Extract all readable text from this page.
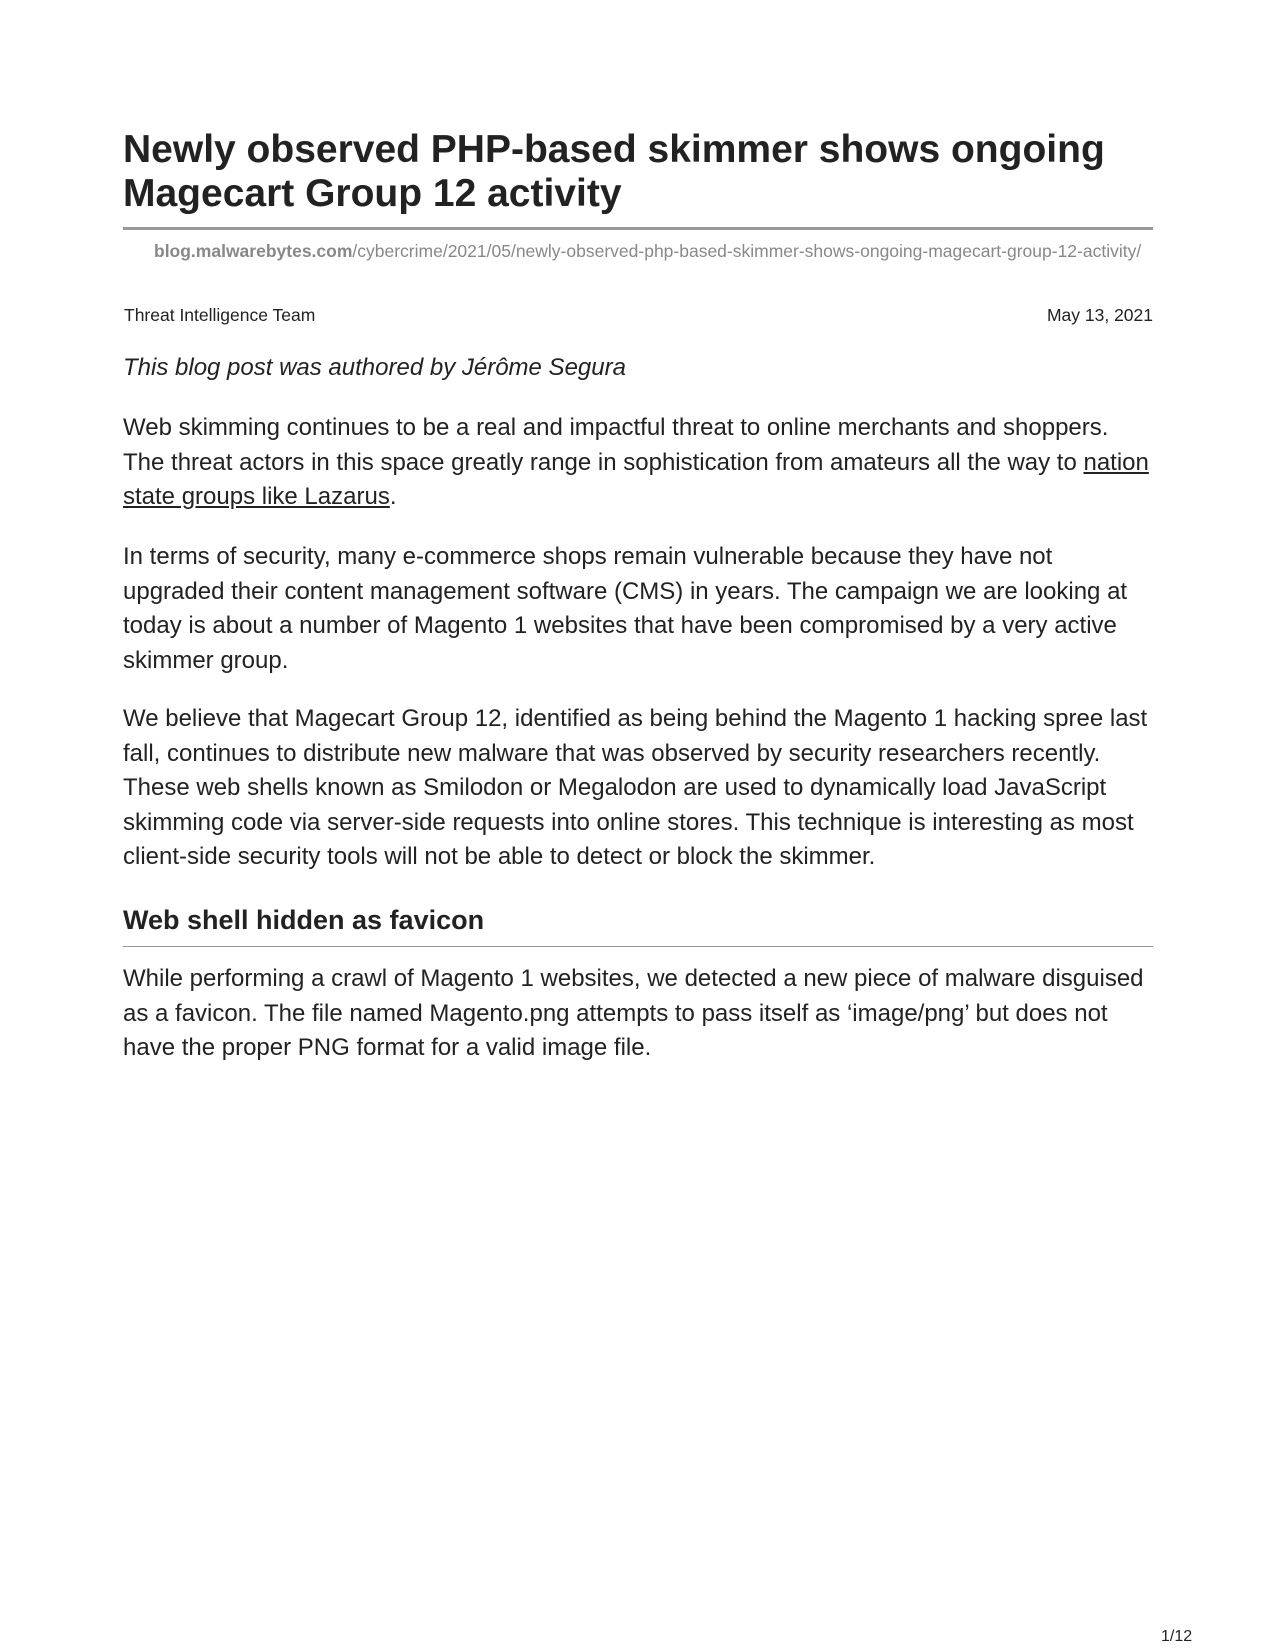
Newly observed PHP-based skimmer shows ongoing Magecart Group 12 activity
blog.malwarebytes.com/cybercrime/2021/05/newly-observed-php-based-skimmer-shows-ongoing-magecart-group-12-activity/
Threat Intelligence Team	May 13, 2021
This blog post was authored by Jérôme Segura

Web skimming continues to be a real and impactful threat to online merchants and shoppers. The threat actors in this space greatly range in sophistication from amateurs all the way to nation state groups like Lazarus.

In terms of security, many e-commerce shops remain vulnerable because they have not upgraded their content management software (CMS) in years. The campaign we are looking at today is about a number of Magento 1 websites that have been compromised by a very active skimmer group.

We believe that Magecart Group 12, identified as being behind the Magento 1 hacking spree last fall, continues to distribute new malware that was observed by security researchers recently. These web shells known as Smilodon or Megalodon are used to dynamically load JavaScript skimming code via server-side requests into online stores. This technique is interesting as most client-side security tools will not be able to detect or block the skimmer.

Web shell hidden as favicon

While performing a crawl of Magento 1 websites, we detected a new piece of malware disguised as a favicon. The file named Magento.png attempts to pass itself as ‘image/png’ but does not have the proper PNG format for a valid image file.

1/12
